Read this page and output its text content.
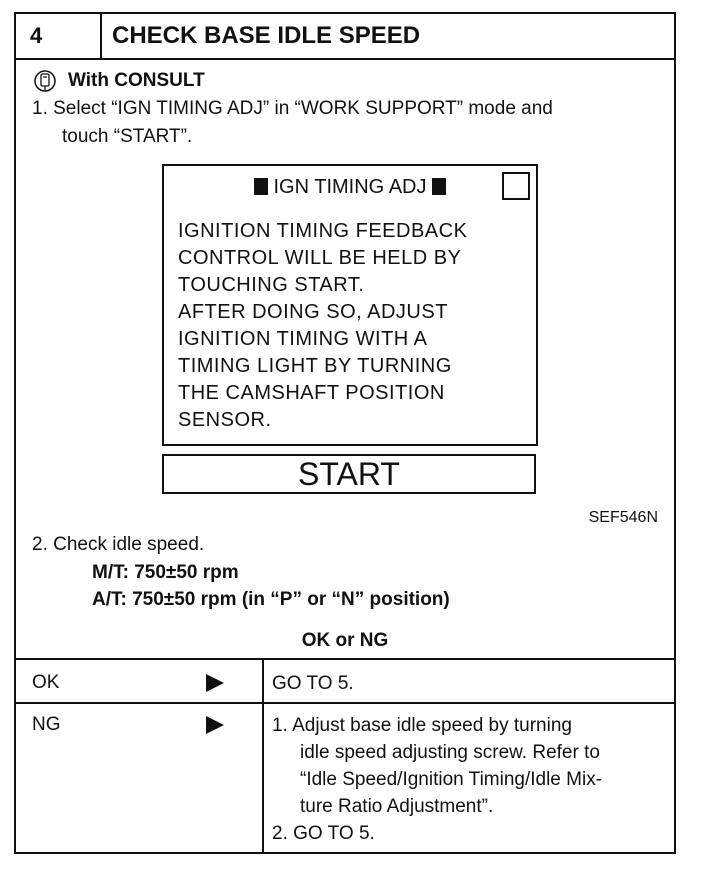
4	CHECK BASE IDLE SPEED
With CONSULT
1. Select “IGN TIMING ADJ” in “WORK SUPPORT” mode and
touch “START”.
IGN TIMING ADJ
IGNITION TIMING FEEDBACK
CONTROL WILL BE HELD BY
TOUCHING START.
AFTER DOING SO, ADJUST
IGNITION TIMING WITH A
TIMING LIGHT BY TURNING
THE CAMSHAFT POSITION
SENSOR.
START
SEF546N
2. Check idle speed.
M/T: 750±50 rpm
A/T: 750±50 rpm (in “P” or “N” position)
OK or NG
OK	GO TO 5.
NG	1. Adjust base idle speed by turning
idle speed adjusting screw. Refer to
“Idle Speed/Ignition Timing/Idle Mix-
ture Ratio Adjustment”.
2. GO TO 5.
